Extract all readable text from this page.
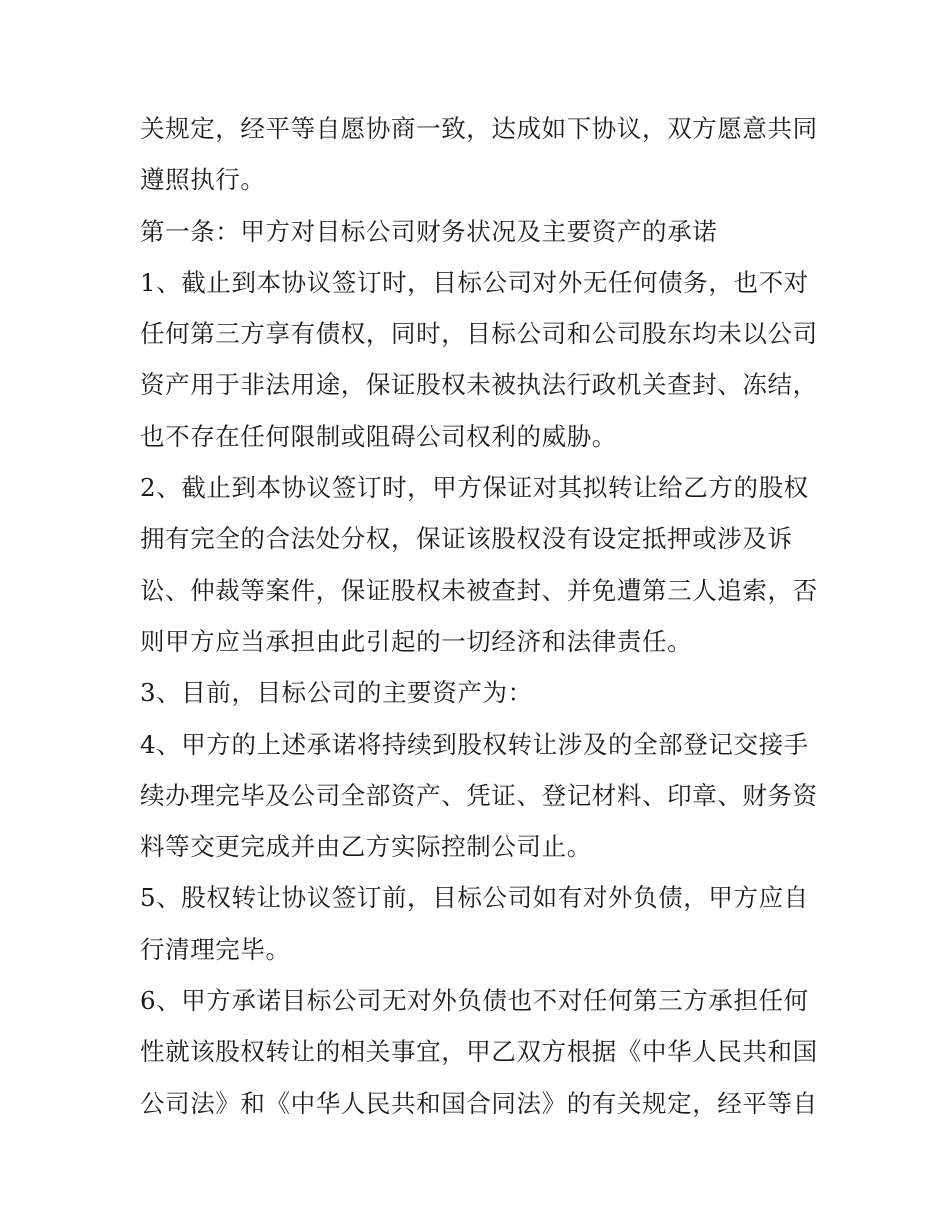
关规定，经平等自愿协商一致，达成如下协议，双方愿意共同
遵照执行。
第一条：甲方对目标公司财务状况及主要资产的承诺
1、截止到本协议签订时，目标公司对外无任何债务，也不对
任何第三方享有债权，同时，目标公司和公司股东均未以公司
资产用于非法用途，保证股权未被执法行政机关查封、冻结，
也不存在任何限制或阻碍公司权利的威胁。
2、截止到本协议签订时，甲方保证对其拟转让给乙方的股权
拥有完全的合法处分权，保证该股权没有设定抵押或涉及诉
讼、仲裁等案件，保证股权未被查封、并免遭第三人追索，否
则甲方应当承担由此引起的一切经济和法律责任。
3、目前，目标公司的主要资产为：
4、甲方的上述承诺将持续到股权转让涉及的全部登记交接手
续办理完毕及公司全部资产、凭证、登记材料、印章、财务资
料等交更完成并由乙方实际控制公司止。
5、股权转让协议签订前，目标公司如有对外负债，甲方应自
行清理完毕。
6、甲方承诺目标公司无对外负债也不对任何第三方承担任何
性就该股权转让的相关事宜，甲乙双方根据《中华人民共和国
公司法》和《中华人民共和国合同法》的有关规定，经平等自
